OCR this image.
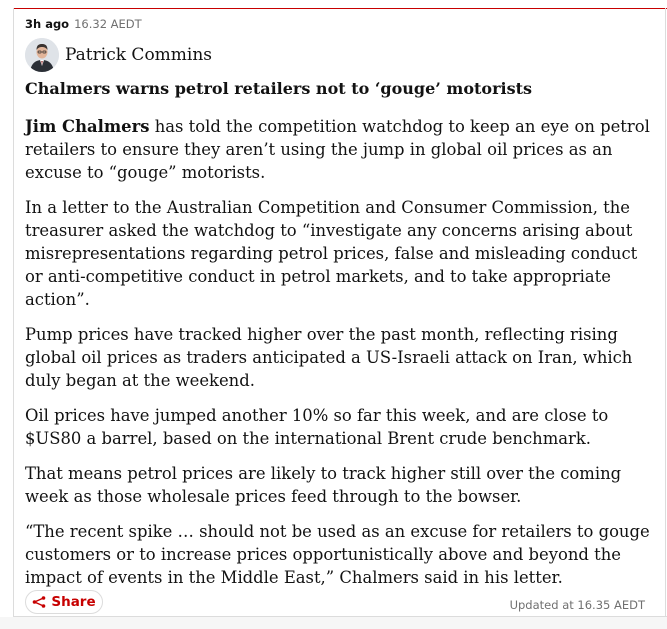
3h ago 16.32 AEDT
Patrick Commins
Chalmers warns petrol retailers not to ‘gouge’ motorists

Jim Chalmers has told the competition watchdog to keep an eye on petrol retailers to ensure they aren’t using the jump in global oil prices as an excuse to “gouge” motorists.

In a letter to the Australian Competition and Consumer Commission, the treasurer asked the watchdog to “investigate any concerns arising about misrepresentations regarding petrol prices, false and misleading conduct or anti-competitive conduct in petrol markets, and to take appropriate action”.

Pump prices have tracked higher over the past month, reflecting rising global oil prices as traders anticipated a US-Israeli attack on Iran, which duly began at the weekend.

Oil prices have jumped another 10% so far this week, and are close to $US80 a barrel, based on the international Brent crude benchmark.

That means petrol prices are likely to track higher still over the coming week as those wholesale prices feed through to the bowser.

“The recent spike … should not be used as an excuse for retailers to gouge customers or to increase prices opportunistically above and beyond the impact of events in the Middle East,” Chalmers said in his letter.

Share	Updated at 16.35 AEDT
